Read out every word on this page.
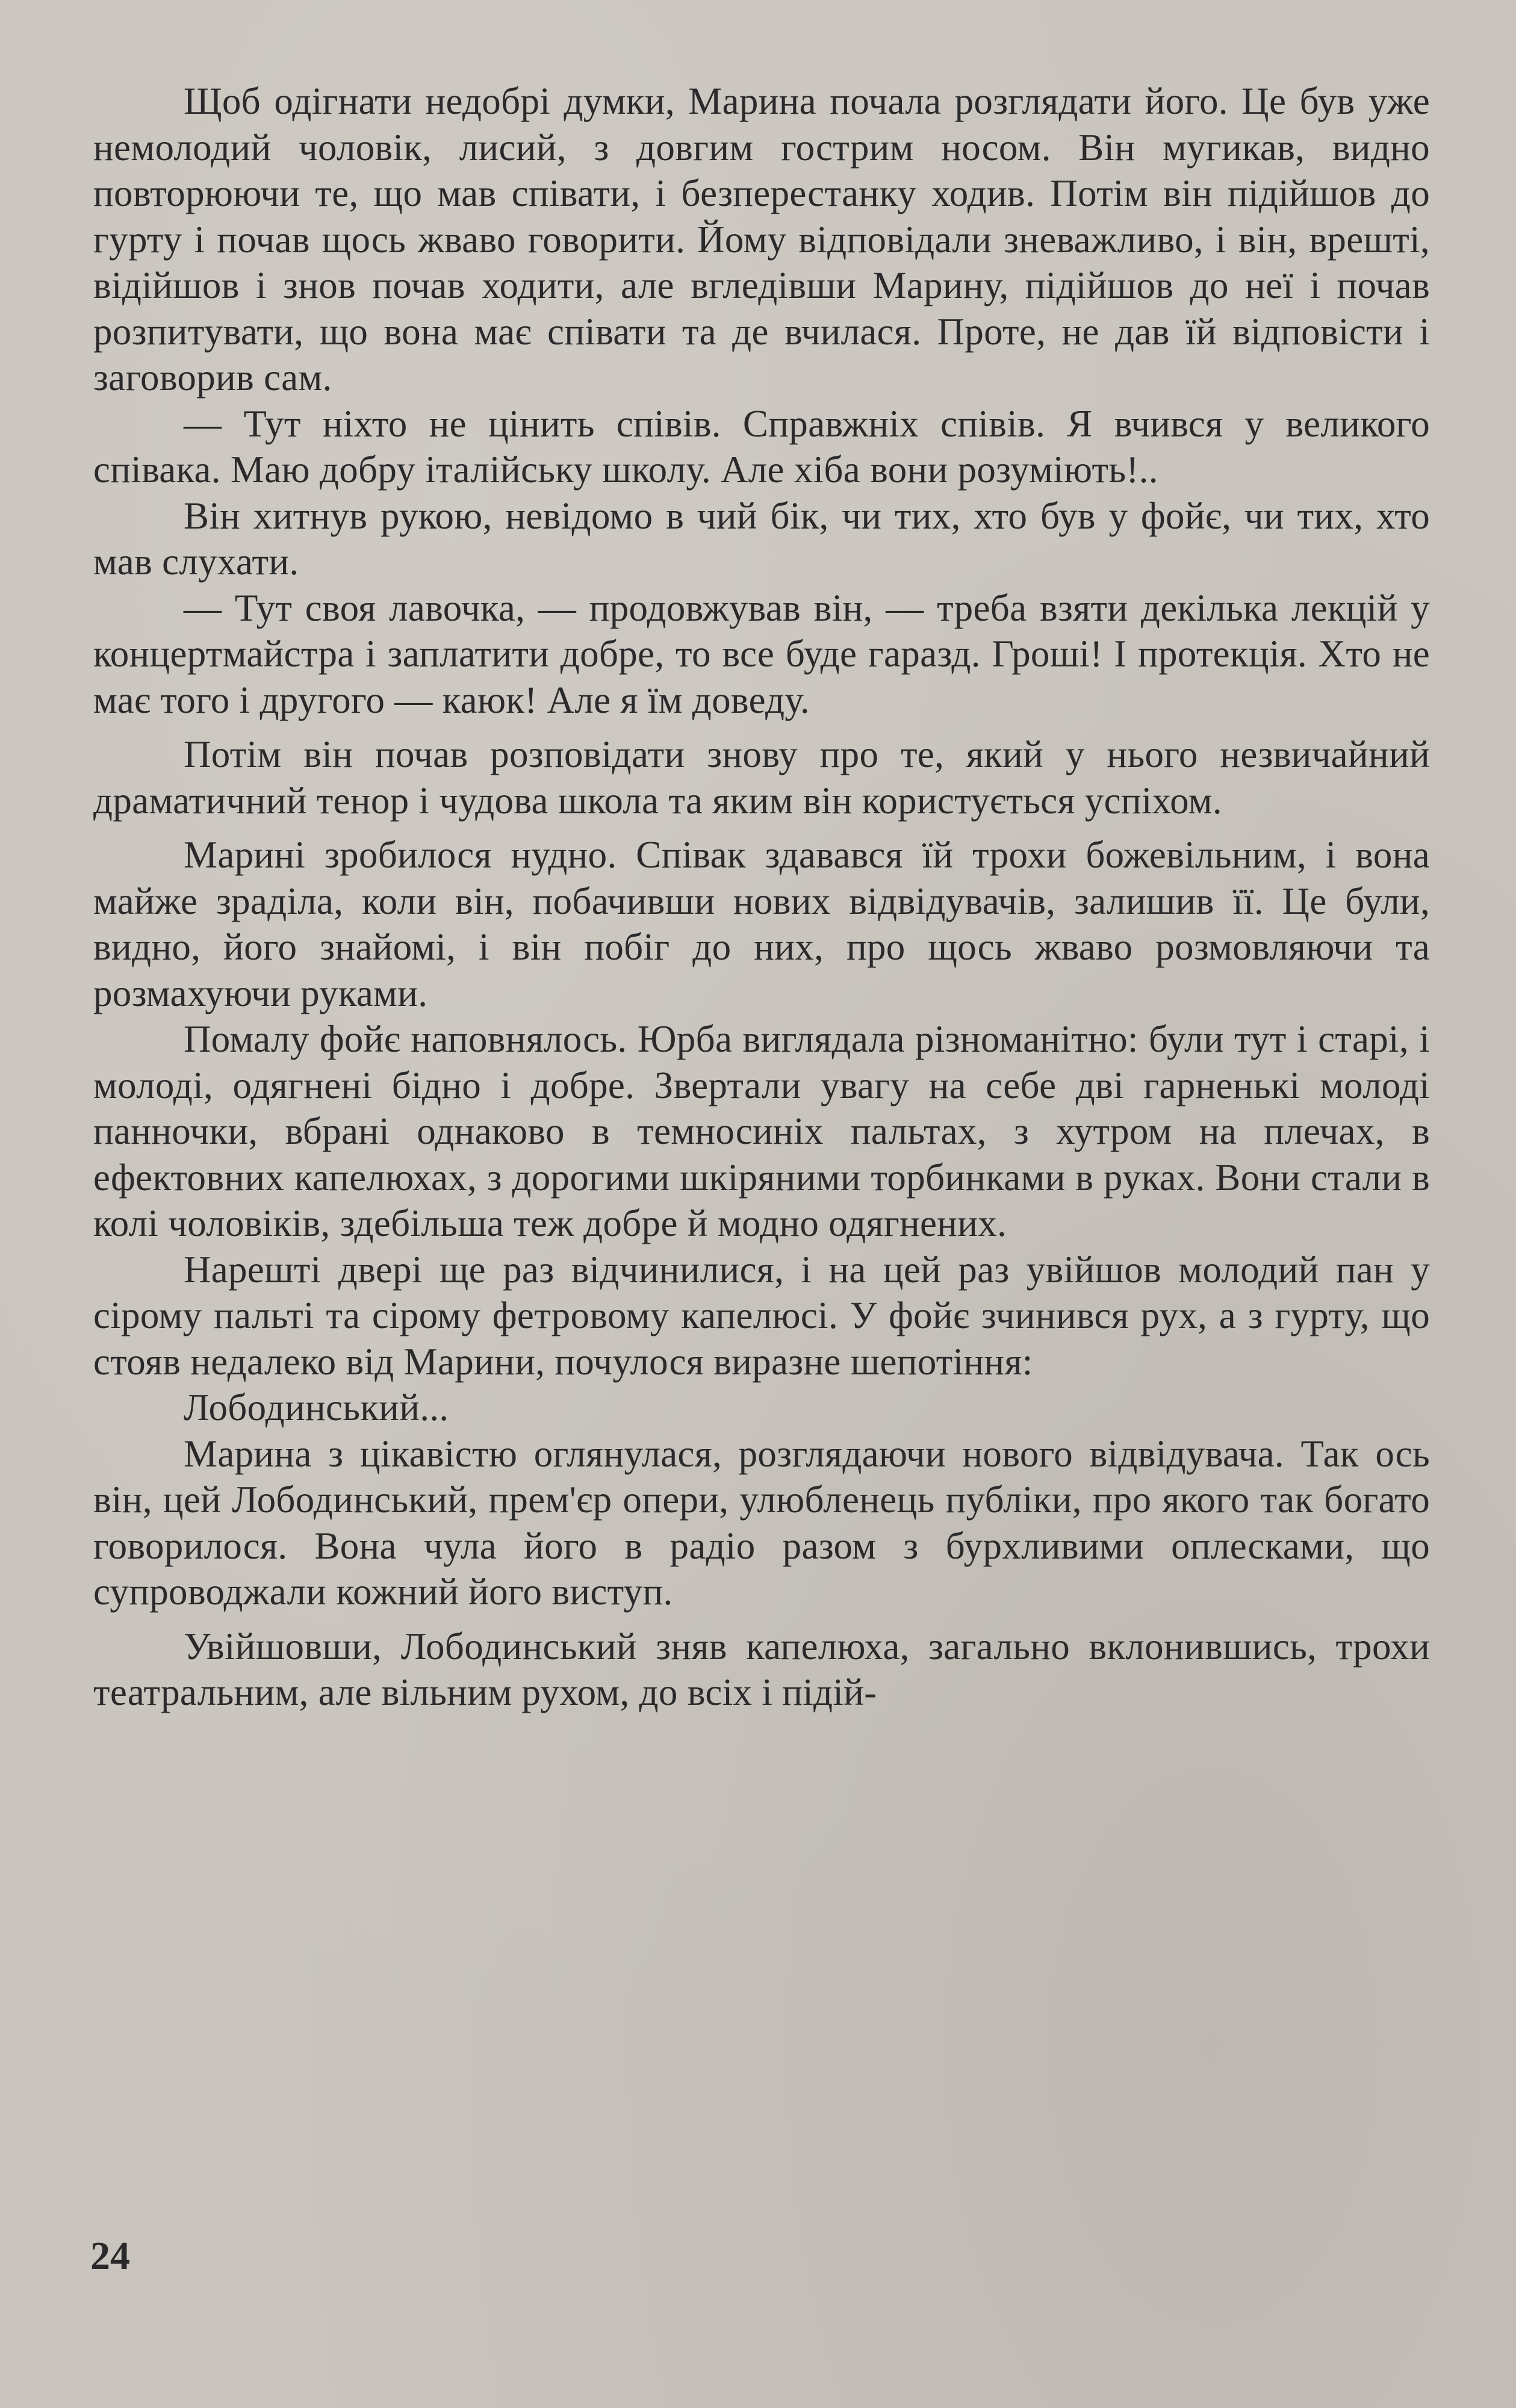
Щоб одігнати недобрі думки, Марина почала розглядати його. Це був уже немолодий чоловік, лисий, з довгим гострим носом. Він мугикав, видно повторюючи те, що мав співати, і безперестанку ходив. Потім він підійшов до гурту і почав щось жваво говорити. Йому відповідали зневажливо, і він, врешті, відійшов і знов почав ходити, але вгледівши Марину, підійшов до неї і почав розпитувати, що вона має співати та де вчилася. Проте, не дав їй відповісти і заговорив сам.

— Тут ніхто не цінить співів. Справжніх співів. Я вчився у великого співака. Маю добру італійську школу. Але хіба вони розуміють!..

Він хитнув рукою, невідомо в чий бік, чи тих, хто був у фойє, чи тих, хто мав слухати.

— Тут своя лавочка, — продовжував він, — треба взяти декілька лекцій у концертмайстра і заплатити добре, то все буде гаразд. Гроші! І протекція. Хто не має того і другого — каюк! Але я їм доведу.

Потім він почав розповідати знову про те, який у нього незвичайний драматичний тенор і чудова школа та яким він користується успіхом.

Марині зробилося нудно. Співак здавався їй трохи божевільним, і вона майже зраділа, коли він, побачивши нових відвідувачів, залишив її. Це були, видно, його знайомі, і він побіг до них, про щось жваво розмовляючи та розмахуючи руками.

Помалу фойє наповнялось. Юрба виглядала різноманітно: були тут і старі, і молоді, одягнені бідно і добре. Звертали увагу на себе дві гарненькі молоді панночки, вбрані однаково в темносиніх пальтах, з хутром на плечах, в ефектовних капелюхах, з дорогими шкіряними торбинками в руках. Вони стали в колі чоловіків, здебільша теж добре й модно одягнених.

Нарешті двері ще раз відчинилися, і на цей раз увійшов молодий пан у сірому пальті та сірому фетровому капелюсі. У фойє зчинився рух, а з гурту, що стояв недалеко від Марини, почулося виразне шепотіння:

Лободинський...

Марина з цікавістю оглянулася, розглядаючи нового відвідувача. Так ось він, цей Лободинський, прем'єр опери, улюбленець публіки, про якого так богато говорилося. Вона чула його в радіо разом з бурхливими оплесками, що супроводжали кожний його виступ.

Увійшовши, Лободинський зняв капелюха, загально вклонившись, трохи театральним, але вільним рухом, до всіх і підій-

24
